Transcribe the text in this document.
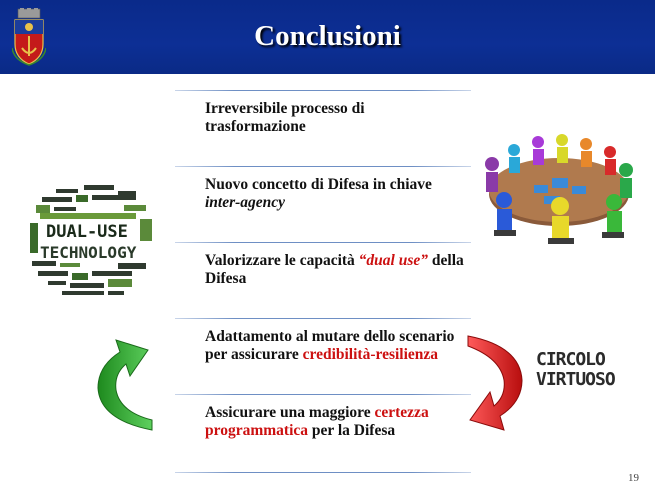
Conclusioni
DUAL-USE
TECHNOLOGY
CIRCOLO
VIRTUOSO
Irreversibile processo di trasformazione
Nuovo concetto di Difesa in chiave inter-agency
Valorizzare le capacità “dual use” della Difesa
Adattamento al mutare dello scenario per assicurare credibilità-resilienza
Assicurare una maggiore certezza programmatica per la Difesa
19
